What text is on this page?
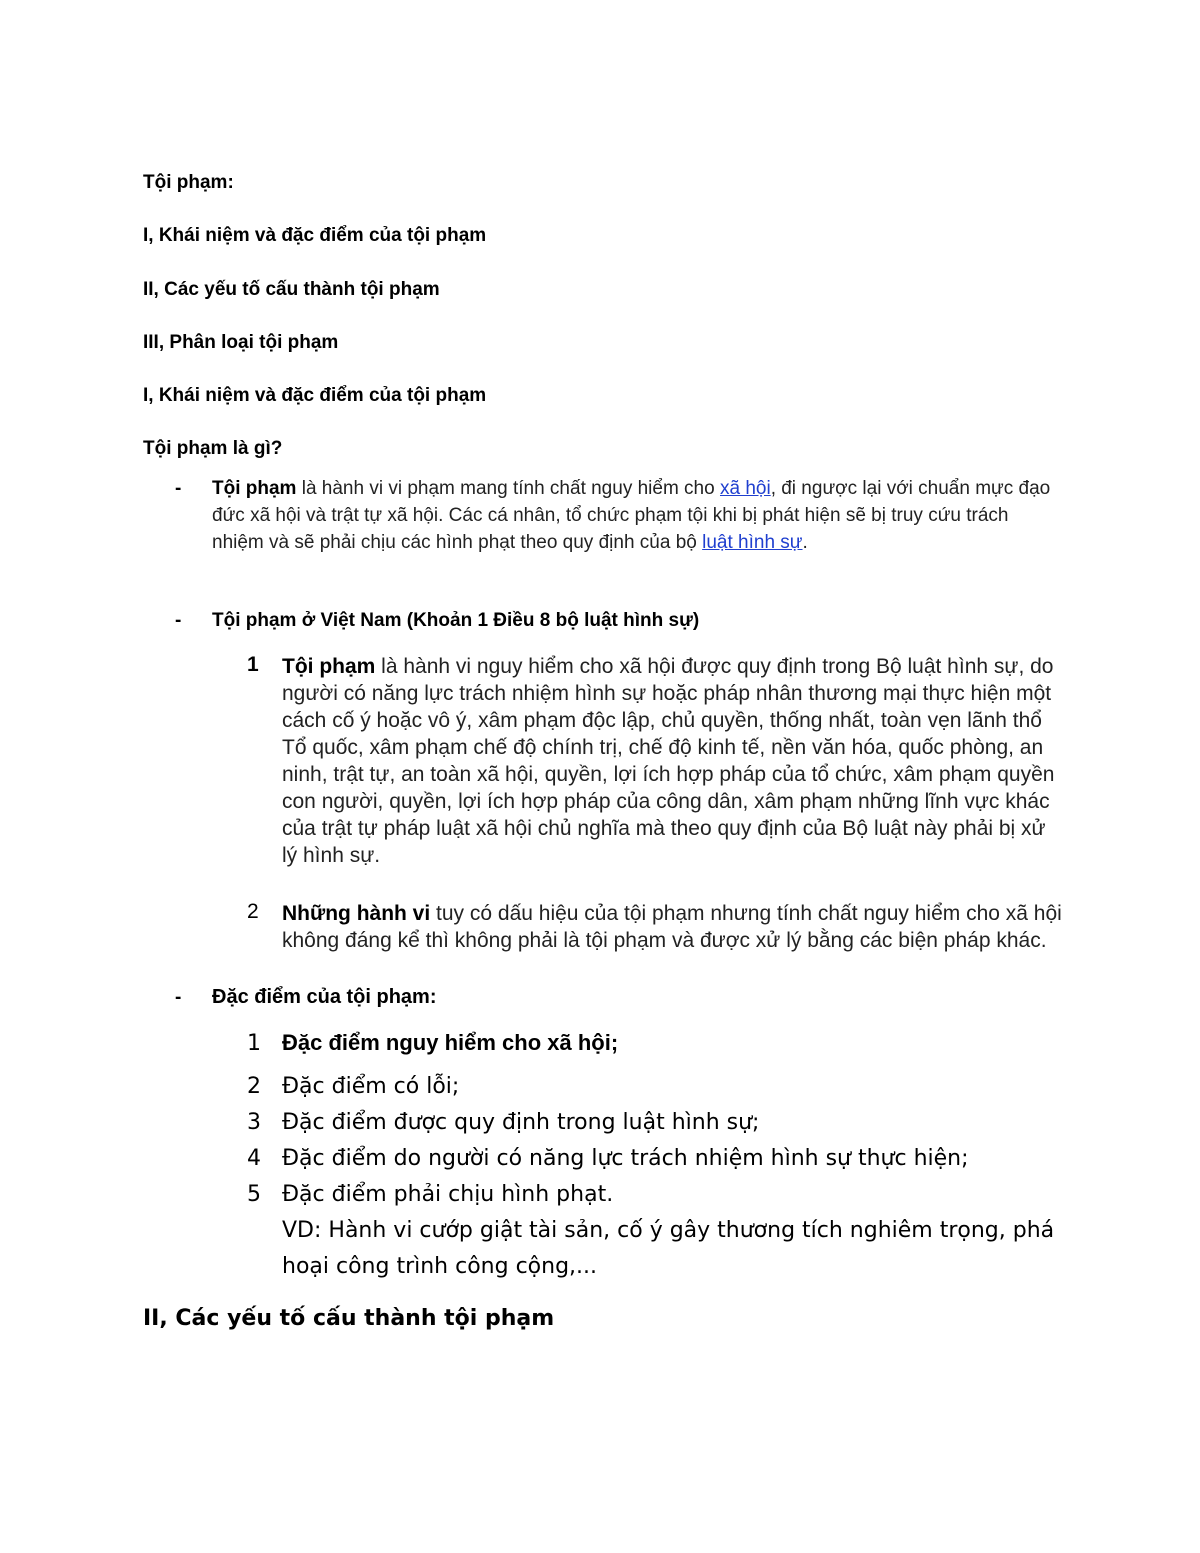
Tội phạm:

I, Khái niệm và đặc điểm của tội phạm

II, Các yếu tố cấu thành tội phạm

III, Phân loại tội phạm

I, Khái niệm và đặc điểm của tội phạm

Tội phạm là gì?

- Tội phạm là hành vi vi phạm mang tính chất nguy hiểm cho xã hội, đi ngược lại với chuẩn mực đạo đức xã hội và trật tự xã hội. Các cá nhân, tổ chức phạm tội khi bị phát hiện sẽ bị truy cứu trách nhiệm và sẽ phải chịu các hình phạt theo quy định của bộ luật hình sự.

- Tội phạm ở Việt Nam (Khoản 1 Điều 8 bộ luật hình sự)

1 Tội phạm là hành vi nguy hiểm cho xã hội được quy định trong Bộ luật hình sự, do người có năng lực trách nhiệm hình sự hoặc pháp nhân thương mại thực hiện một cách cố ý hoặc vô ý, xâm phạm độc lập, chủ quyền, thống nhất, toàn vẹn lãnh thổ Tổ quốc, xâm phạm chế độ chính trị, chế độ kinh tế, nền văn hóa, quốc phòng, an ninh, trật tự, an toàn xã hội, quyền, lợi ích hợp pháp của tổ chức, xâm phạm quyền con người, quyền, lợi ích hợp pháp của công dân, xâm phạm những lĩnh vực khác của trật tự pháp luật xã hội chủ nghĩa mà theo quy định của Bộ luật này phải bị xử lý hình sự.

2 Những hành vi tuy có dấu hiệu của tội phạm nhưng tính chất nguy hiểm cho xã hội không đáng kể thì không phải là tội phạm và được xử lý bằng các biện pháp khác.

- Đặc điểm của tội phạm:

1 Đặc điểm nguy hiểm cho xã hội;

2 Đặc điểm có lỗi;

3 Đặc điểm được quy định trong luật hình sự;

4 Đặc điểm do người có năng lực trách nhiệm hình sự thực hiện;

5 Đặc điểm phải chịu hình phạt.

VD: Hành vi cướp giật tài sản, cố ý gây thương tích nghiêm trọng, phá

hoại công trình công cộng,...

II, Các yếu tố cấu thành tội phạm
